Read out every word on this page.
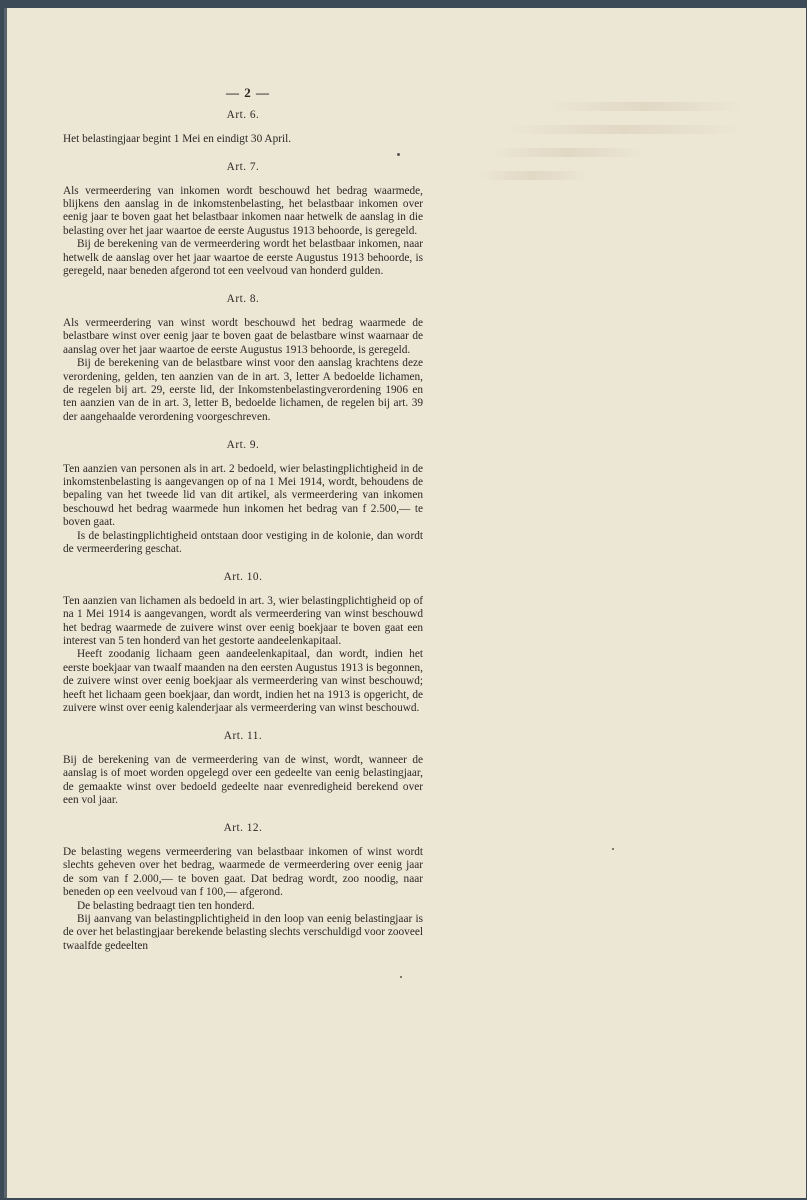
— 2 —
Art. 6.

Het belastingjaar begint 1 Mei en eindigt 30 April.

Art. 7.

Als vermeerdering van inkomen wordt beschouwd het bedrag waarmede, blijkens den aanslag in de inkomstenbelasting, het belastbaar inkomen over eenig jaar te boven gaat het belastbaar inkomen naar hetwelk de aanslag in die belasting over het jaar waartoe de eerste Augustus 1913 behoorde, is geregeld.

Bij de berekening van de vermeerdering wordt het belastbaar inkomen, naar hetwelk de aanslag over het jaar waartoe de eerste Augustus 1913 behoorde, is geregeld, naar beneden afgerond tot een veelvoud van honderd gulden.

Art. 8.

Als vermeerdering van winst wordt beschouwd het bedrag waarmede de belastbare winst over eenig jaar te boven gaat de belastbare winst waarnaar de aanslag over het jaar waartoe de eerste Augustus 1913 behoorde, is geregeld.

Bij de berekening van de belastbare winst voor den aanslag krachtens deze verordening, gelden, ten aanzien van de in art. 3, letter A bedoelde lichamen, de regelen bij art. 29, eerste lid, der Inkomstenbelastingverordening 1906 en ten aanzien van de in art. 3, letter B, bedoelde lichamen, de regelen bij art. 39 der aangehaalde verordening voorgeschreven.

Art. 9.

Ten aanzien van personen als in art. 2 bedoeld, wier belastingplichtigheid in de inkomstenbelasting is aangevangen op of na 1 Mei 1914, wordt, behoudens de bepaling van het tweede lid van dit artikel, als vermeerdering van inkomen beschouwd het bedrag waarmede hun inkomen het bedrag van f 2.500,— te boven gaat.

Is de belastingplichtigheid ontstaan door vestiging in de kolonie, dan wordt de vermeerdering geschat.

Art. 10.

Ten aanzien van lichamen als bedoeld in art. 3, wier belastingplichtigheid op of na 1 Mei 1914 is aangevangen, wordt als vermeerdering van winst beschouwd het bedrag waarmede de zuivere winst over eenig boekjaar te boven gaat een interest van 5 ten honderd van het gestorte aandeelenkapitaal.

Heeft zoodanig lichaam geen aandeelenkapitaal, dan wordt, indien het eerste boekjaar van twaalf maanden na den eersten Augustus 1913 is begonnen, de zuivere winst over eenig boekjaar als vermeerdering van winst beschouwd; heeft het lichaam geen boekjaar, dan wordt, indien het na 1913 is opgericht, de zuivere winst over eenig kalenderjaar als vermeerdering van winst beschouwd.

Art. 11.

Bij de berekening van de vermeerdering van de winst, wordt, wanneer de aanslag is of moet worden opgelegd over een gedeelte van eenig belastingjaar, de gemaakte winst over bedoeld gedeelte naar evenredigheid berekend over een vol jaar.

Art. 12.

De belasting wegens vermeerdering van belastbaar inkomen of winst wordt slechts geheven over het bedrag, waarmede de vermeerdering over eenig jaar de som van f 2.000,— te boven gaat. Dat bedrag wordt, zoo noodig, naar beneden op een veelvoud van f 100,— afgerond.

De belasting bedraagt tien ten honderd.

Bij aanvang van belastingplichtigheid in den loop van eenig belastingjaar is de over het belastingjaar berekende belasting slechts verschuldigd voor zooveel twaalfde gedeelten
